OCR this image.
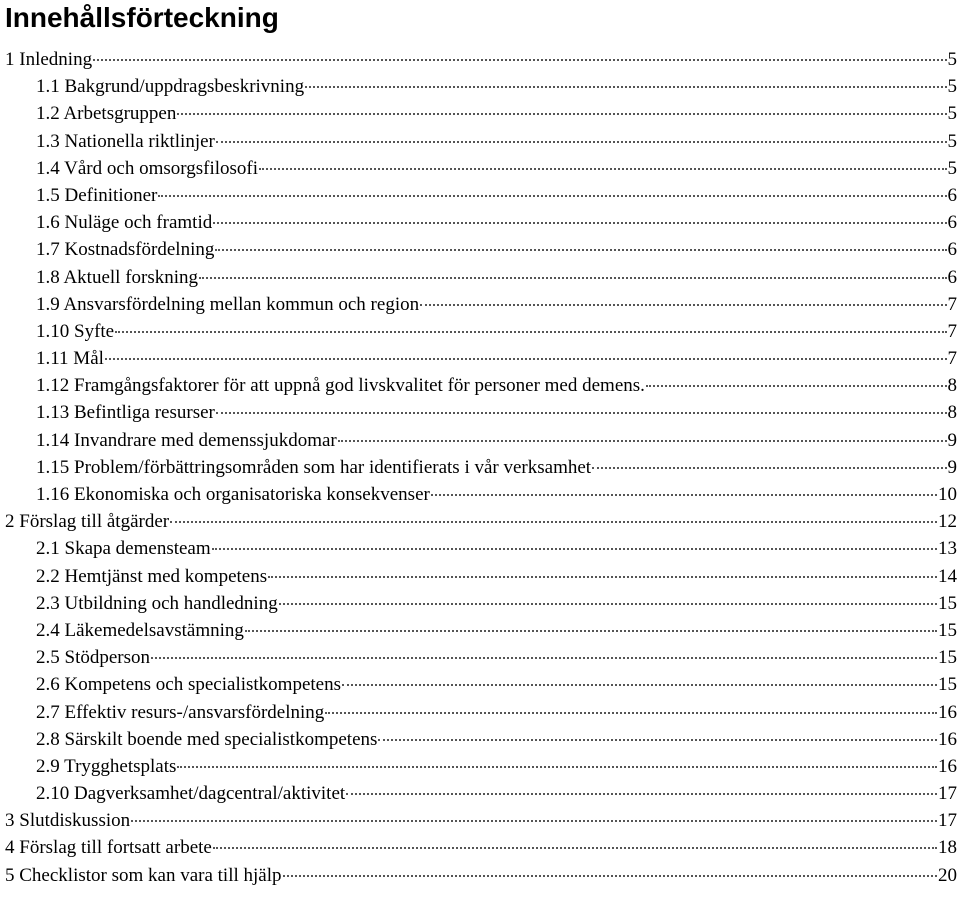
Innehållsförteckning
1 Inledning	5
1.1 Bakgrund/uppdragsbeskrivning	5
1.2 Arbetsgruppen	5
1.3 Nationella riktlinjer	5
1.4 Vård och omsorgsfilosofi	5
1.5 Definitioner	6
1.6 Nuläge och framtid	6
1.7 Kostnadsfördelning	6
1.8 Aktuell forskning	6
1.9 Ansvarsfördelning mellan kommun och region	7
1.10 Syfte	7
1.11 Mål	7
1.12 Framgångsfaktorer för att uppnå god livskvalitet för personer med demens.	8
1.13 Befintliga resurser	8
1.14 Invandrare med demenssjukdomar	9
1.15 Problem/förbättringsområden som har identifierats i vår verksamhet	9
1.16 Ekonomiska och organisatoriska konsekvenser	10
2 Förslag till åtgärder	12
2.1 Skapa demensteam	13
2.2 Hemtjänst med kompetens	14
2.3 Utbildning och handledning	15
2.4 Läkemedelsavstämning	15
2.5 Stödperson	15
2.6 Kompetens och specialistkompetens	15
2.7 Effektiv resurs-/ansvarsfördelning	16
2.8 Särskilt boende med specialistkompetens	16
2.9 Trygghetsplats	16
2.10 Dagverksamhet/dagcentral/aktivitet	17
3 Slutdiskussion	17
4 Förslag till fortsatt arbete	18
5 Checklistor som kan vara till hjälp	20
